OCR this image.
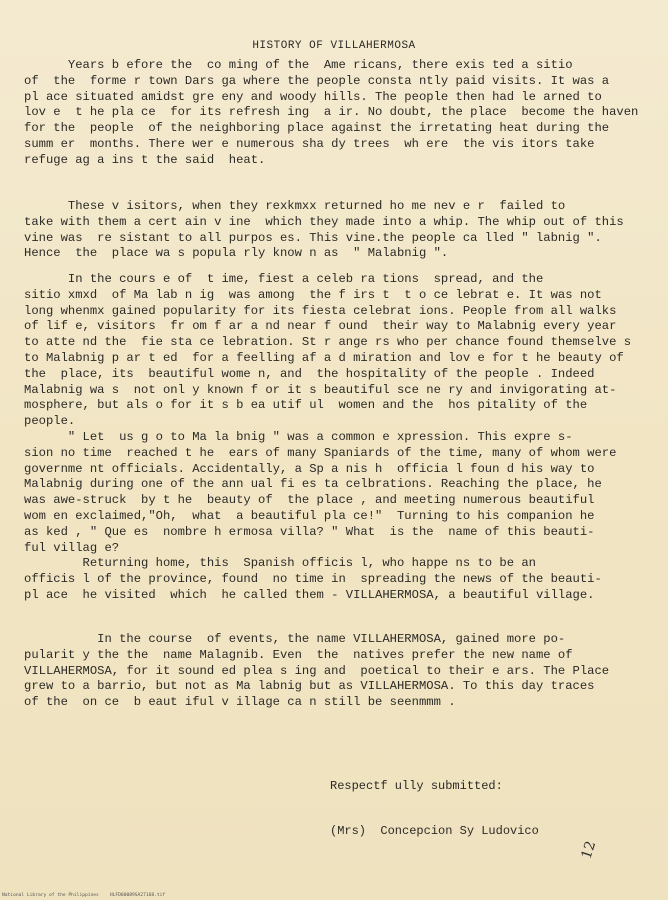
HISTORY OF VILLAHERMOSA

Years b efore the  co ming of the  Ame ricans, there exis ted a sitio
of  the  forme r town Dars ga where the people consta ntly paid visits. It was a
pl ace situated amidst gre eny and woody hills. The people then had le arned to
lov e  t he pla ce  for its refresh ing  a ir. No doubt, the place  become the haven
for the  people  of the neighboring place against the irretating heat during the
summ er  months. There wer e numerous sha dy trees  wh ere  the vis itors take
refuge ag a ins t the said  heat.

These v isitors, when they rexkmxx returned ho me nev e r  failed to
take with them a cert ain v ine  which they made into a whip. The whip out of this
vine was  re sistant to all purpos es. This vine.the people ca lled " labnig ".
Hence  the  place wa s popula rly know n as  " Malabnig ".

In the cours e of  t ime, fiest a celeb ra tions  spread, and the
sitio xmxd  of Ma lab n ig  was among  the f irs t  t o ce lebrat e. It was not
long whenmx gained popularity for its fiesta celebrat ions. People from all walks
of lif e, visitors  fr om f ar a nd near f ound  their way to Malabnig every year
to atte nd the  fie sta ce lebration. St r ange rs who per chance found themselve s
to Malabnig p ar t ed  for a feelling af a d miration and lov e for t he beauty of
the  place, its  beautiful wome n, and  the hospitality of the people . Indeed
Malabnig wa s  not onl y known f or it s beautiful sce ne ry and invigorating at-
mosphere, but als o for it s b ea utif ul  women and the  hos pitality of the
people.

" Let  us g o to Ma la bnig " was a common e xpression. This expre s-
sion no time  reached t he  ears of many Spaniards of the time, many of whom were
governme nt officials. Accidentally, a Sp a nis h  officia l foun d his way to
Malabnig during one of the ann ual fi es ta celbrations. Reaching the place, he
was awe-struck  by t he  beauty of  the place , and meeting numerous beautiful
wom en exclaimed,"Oh,  what  a beautiful pla ce!"  Turning to his companion he
as ked , " Que es  nombre h ermosa villa? " What  is the  name of this beauti-
ful villag e?

Returning home, this  Spanish officis l, who happe ns to be an
officis l of the province, found  no time in  spreading the news of the beauti-
pl ace  he visited  which  he called them - VILLAHERMOSA, a beautiful village.

In the course  of events, the name VILLAHERMOSA, gained more po-
pularit y the the  name Malagnib. Even  the  natives prefer the new name of
VILLAHERMOSA, for it sound ed plea s ing and  poetical to their e ars. The Place
grew to a barrio, but not as Ma labnig but as VILLAHERMOSA. To this day traces
of the  on ce  b eaut iful v illage ca n still be seenmmm .

Respectf ully submitted:
(Mrs)  Concepcion Sy Ludovico
12
National Library of the Philippines    HLFD00089SA27168.tif
